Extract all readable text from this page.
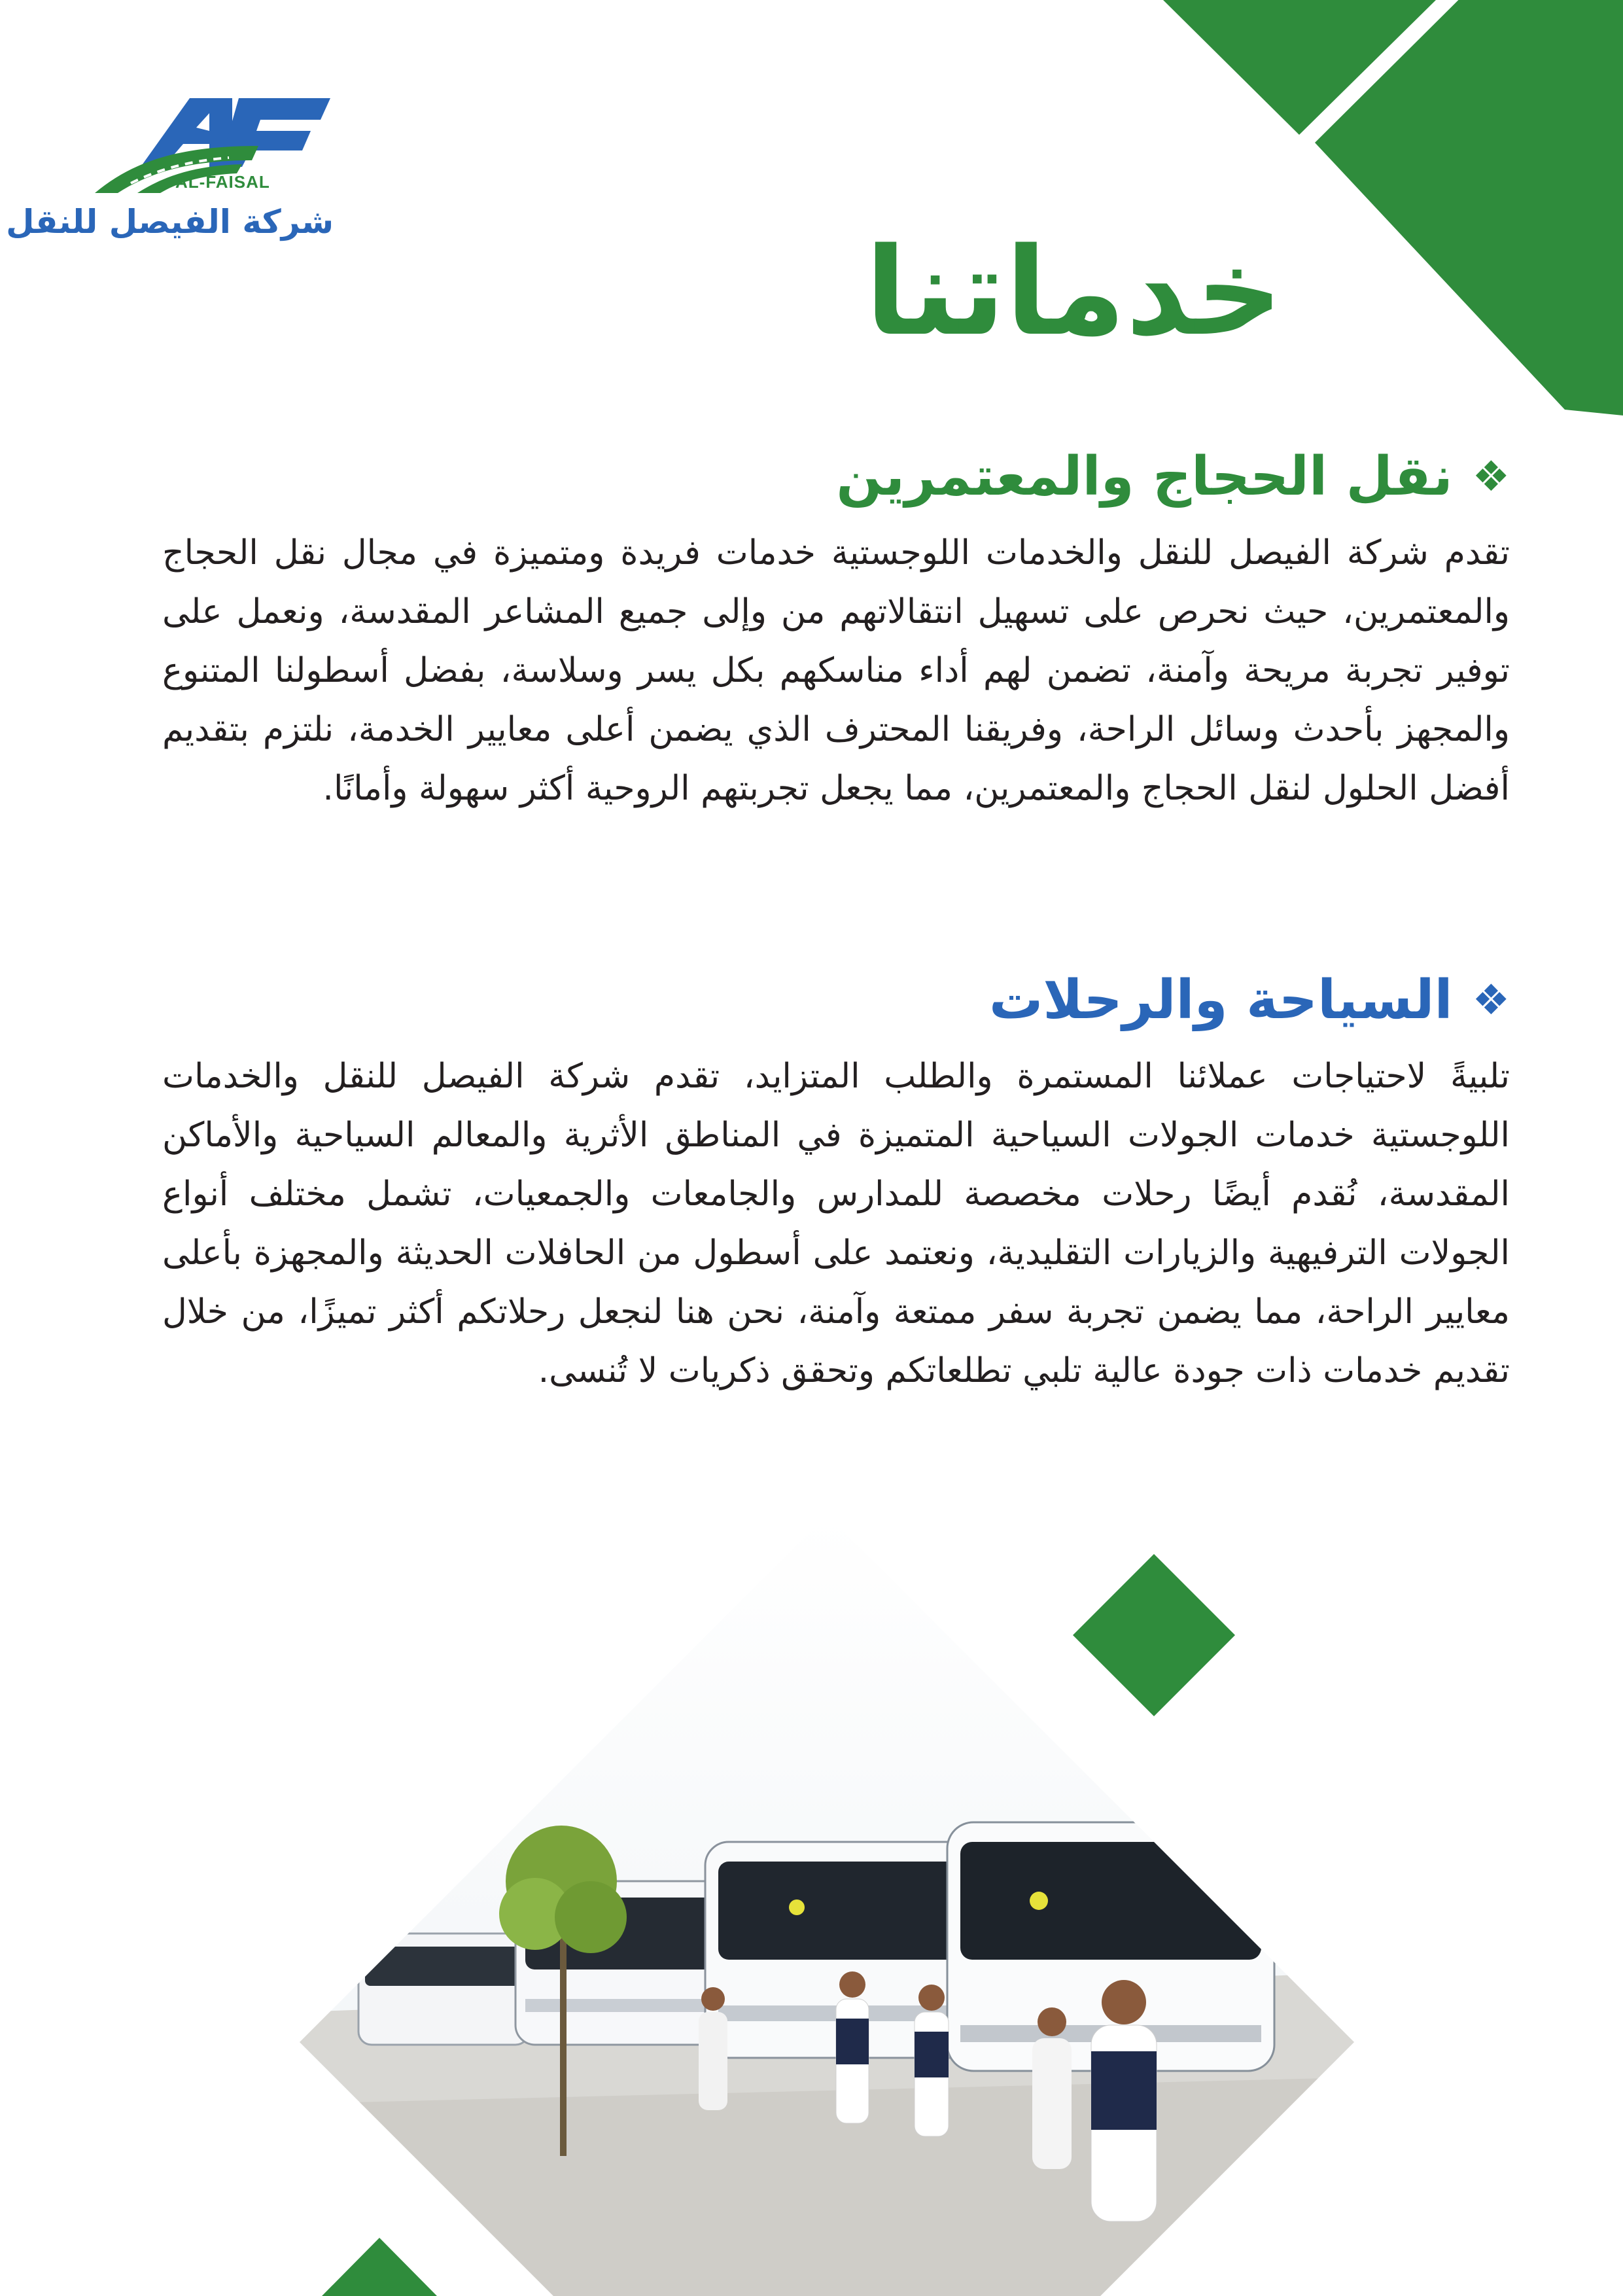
AL-FAISAL
شركة الفيصل للنقل	خدماتنا
❖
نقل الحجاج والمعتمرين

تقدم شركة الفيصل للنقل والخدمات اللوجستية خدمات فريدة ومتميزة في مجال نقل الحجاج والمعتمرين، حيث نحرص على تسهيل انتقالاتهم من وإلى جميع المشاعر المقدسة، ونعمل على توفير تجربة مريحة وآمنة، تضمن لهم أداء مناسكهم بكل يسر وسلاسة، بفضل أسطولنا المتنوع والمجهز بأحدث وسائل الراحة، وفريقنا المحترف الذي يضمن أعلى معايير الخدمة، نلتزم بتقديم أفضل الحلول لنقل الحجاج والمعتمرين، مما يجعل تجربتهم الروحية أكثر سهولة وأمانًا.

❖
السياحة والرحلات

تلبيةً لاحتياجات عملائنا المستمرة والطلب المتزايد، تقدم شركة الفيصل للنقل والخدمات اللوجستية خدمات الجولات السياحية المتميزة في المناطق الأثرية والمعالم السياحية والأماكن المقدسة، نُقدم أيضًا رحلات مخصصة للمدارس والجامعات والجمعيات، تشمل مختلف أنواع الجولات الترفيهية والزيارات التقليدية، ونعتمد على أسطول من الحافلات الحديثة والمجهزة بأعلى معايير الراحة، مما يضمن تجربة سفر ممتعة وآمنة، نحن هنا لنجعل رحلاتكم أكثر تميزًا، من خلال تقديم خدمات ذات جودة عالية تلبي تطلعاتكم وتحقق ذكريات لا تُنسى.
